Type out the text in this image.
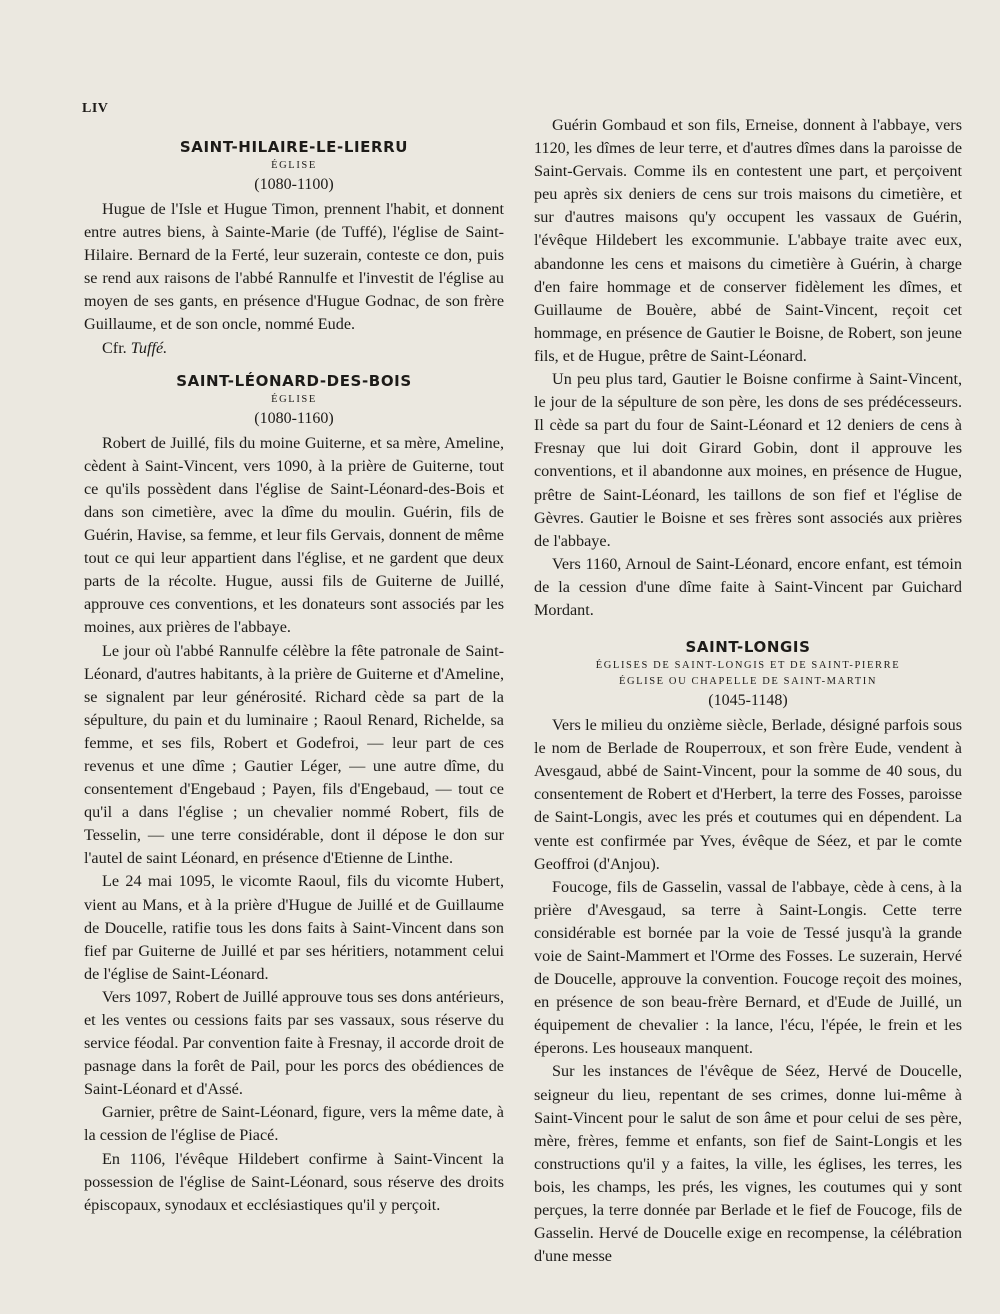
LIV
SAINT-HILAIRE-LE-LIERRU
ÉGLISE
(1080-1100)

Hugue de l'Isle et Hugue Timon, prennent l'habit, et donnent entre autres biens, à Sainte-Marie (de Tuffé), l'église de Saint-Hilaire. Bernard de la Ferté, leur suzerain, conteste ce don, puis se rend aux raisons de l'abbé Rannulfe et l'investit de l'église au moyen de ses gants, en présence d'Hugue Godnac, de son frère Guillaume, et de son oncle, nommé Eude.

Cfr. Tuffé.

SAINT-LÉONARD-DES-BOIS
ÉGLISE
(1080-1160)

Robert de Juillé, fils du moine Guiterne, et sa mère, Ameline, cèdent à Saint-Vincent, vers 1090, à la prière de Guiterne, tout ce qu'ils possèdent dans l'église de Saint-Léonard-des-Bois et dans son cimetière, avec la dîme du moulin. Guérin, fils de Guérin, Havise, sa femme, et leur fils Gervais, donnent de même tout ce qui leur appartient dans l'église, et ne gardent que deux parts de la récolte. Hugue, aussi fils de Guiterne de Juillé, approuve ces conventions, et les donateurs sont associés par les moines, aux prières de l'abbaye.

Le jour où l'abbé Rannulfe célèbre la fête patronale de Saint-Léonard, d'autres habitants, à la prière de Guiterne et d'Ameline, se signalent par leur générosité. Richard cède sa part de la sépulture, du pain et du luminaire ; Raoul Renard, Richelde, sa femme, et ses fils, Robert et Godefroi, — leur part de ces revenus et une dîme ; Gautier Léger, — une autre dîme, du consentement d'Engebaud ; Payen, fils d'Engebaud, — tout ce qu'il a dans l'église ; un chevalier nommé Robert, fils de Tesselin, — une terre considérable, dont il dépose le don sur l'autel de saint Léonard, en présence d'Etienne de Linthe.

Le 24 mai 1095, le vicomte Raoul, fils du vicomte Hubert, vient au Mans, et à la prière d'Hugue de Juillé et de Guillaume de Doucelle, ratifie tous les dons faits à Saint-Vincent dans son fief par Guiterne de Juillé et par ses héritiers, notamment celui de l'église de Saint-Léonard.

Vers 1097, Robert de Juillé approuve tous ses dons antérieurs, et les ventes ou cessions faits par ses vassaux, sous réserve du service féodal. Par convention faite à Fresnay, il accorde droit de pasnage dans la forêt de Pail, pour les porcs des obédiences de Saint-Léonard et d'Assé.

Garnier, prêtre de Saint-Léonard, figure, vers la même date, à la cession de l'église de Piacé.

En 1106, l'évêque Hildebert confirme à Saint-Vincent la possession de l'église de Saint-Léonard, sous réserve des droits épiscopaux, synodaux et ecclésiastiques qu'il y perçoit.

Guérin Gombaud et son fils, Erneise, donnent à l'abbaye, vers 1120, les dîmes de leur terre, et d'autres dîmes dans la paroisse de Saint-Gervais. Comme ils en contestent une part, et perçoivent peu après six deniers de cens sur trois maisons du cimetière, et sur d'autres maisons qu'y occupent les vassaux de Guérin, l'évêque Hildebert les excommunie. L'abbaye traite avec eux, abandonne les cens et maisons du cimetière à Guérin, à charge d'en faire hommage et de conserver fidèlement les dîmes, et Guillaume de Bouère, abbé de Saint-Vincent, reçoit cet hommage, en présence de Gautier le Boisne, de Robert, son jeune fils, et de Hugue, prêtre de Saint-Léonard.

Un peu plus tard, Gautier le Boisne confirme à Saint-Vincent, le jour de la sépulture de son père, les dons de ses prédécesseurs. Il cède sa part du four de Saint-Léonard et 12 deniers de cens à Fresnay que lui doit Girard Gobin, dont il approuve les conventions, et il abandonne aux moines, en présence de Hugue, prêtre de Saint-Léonard, les taillons de son fief et l'église de Gèvres. Gautier le Boisne et ses frères sont associés aux prières de l'abbaye.

Vers 1160, Arnoul de Saint-Léonard, encore enfant, est témoin de la cession d'une dîme faite à Saint-Vincent par Guichard Mordant.

SAINT-LONGIS
ÉGLISES DE SAINT-LONGIS ET DE SAINT-PIERRE
ÉGLISE OU CHAPELLE DE SAINT-MARTIN
(1045-1148)

Vers le milieu du onzième siècle, Berlade, désigné parfois sous le nom de Berlade de Rouperroux, et son frère Eude, vendent à Avesgaud, abbé de Saint-Vincent, pour la somme de 40 sous, du consentement de Robert et d'Herbert, la terre des Fosses, paroisse de Saint-Longis, avec les prés et coutumes qui en dépendent. La vente est confirmée par Yves, évêque de Séez, et par le comte Geoffroi (d'Anjou).

Foucoge, fils de Gasselin, vassal de l'abbaye, cède à cens, à la prière d'Avesgaud, sa terre à Saint-Longis. Cette terre considérable est bornée par la voie de Tessé jusqu'à la grande voie de Saint-Mammert et l'Orme des Fosses. Le suzerain, Hervé de Doucelle, approuve la convention. Foucoge reçoit des moines, en présence de son beau-frère Bernard, et d'Eude de Juillé, un équipement de chevalier : la lance, l'écu, l'épée, le frein et les éperons. Les houseaux manquent.

Sur les instances de l'évêque de Séez, Hervé de Doucelle, seigneur du lieu, repentant de ses crimes, donne lui-même à Saint-Vincent pour le salut de son âme et pour celui de ses père, mère, frères, femme et enfants, son fief de Saint-Longis et les constructions qu'il y a faites, la ville, les églises, les terres, les bois, les champs, les prés, les vignes, les coutumes qui y sont perçues, la terre donnée par Berlade et le fief de Foucoge, fils de Gasselin. Hervé de Doucelle exige en recompense, la célébration d'une messe
